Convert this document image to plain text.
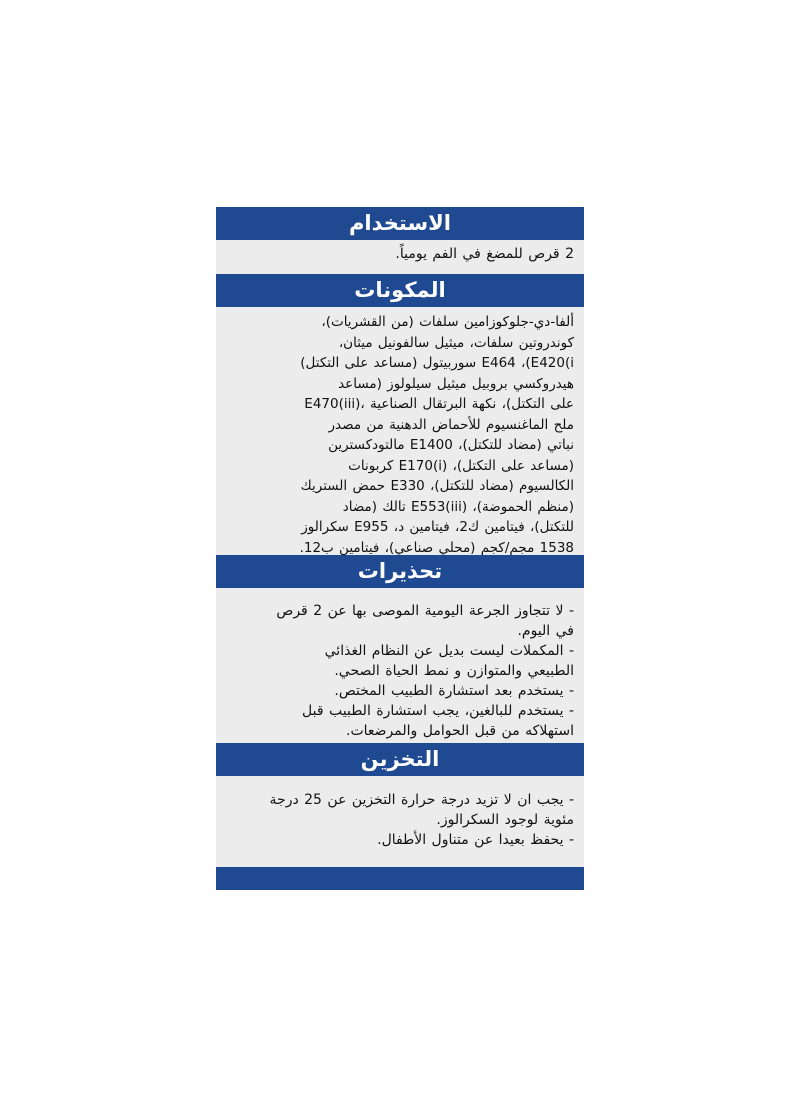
الاستخدام
2 قرص للمضغ في الفم يومياً.
المكونات
ألفا-دي-جلوكوزامين سلفات (من القشريات)،
كوندروتين سلفات، ميثيل سالفونيل ميثان،
E464 ،(E420(i سوربيتول (مساعد على التكتل)
هيدروكسي بروبيل ميثيل سيلولوز (مساعد
على التكتل)، نكهة البرتقال الصناعية ،(E470(iii
ملح الماغنسيوم للأحماض الدهنية من مصدر
نباتي (مضاد للتكتل)، E1400 مالتودكسترين
(مساعد على التكتل)، (E170(i كربونات
الكالسيوم (مضاد للتكتل)، E330 حمض الستريك
(منظم الحموضة)، (E553(iii تالك (مضاد
للتكتل)، فيتامين ك2، فيتامين د، E955 سكرالوز
1538 مجم/كجم (محلي صناعي)، فيتامين ب12.
تحذيرات
- لا تتجاوز الجرعة اليومية الموصى بها عن 2 قرص
في اليوم.
- المكملات ليست بديل عن النظام الغذائي
الطبيعي والمتوازن و نمط الحياة الصحي.
- يستخدم بعد استشارة الطبيب المختص.
- يستخدم للبالغين، يجب استشارة الطبيب قبل
استهلاكه من قبل الحوامل والمرضعات.
التخزين
- يجب ان لا تزيد درجة حرارة التخزين عن 25 درجة
مئوية لوجود السكرالوز.
- يحفظ بعيدا عن متناول الأطفال.
